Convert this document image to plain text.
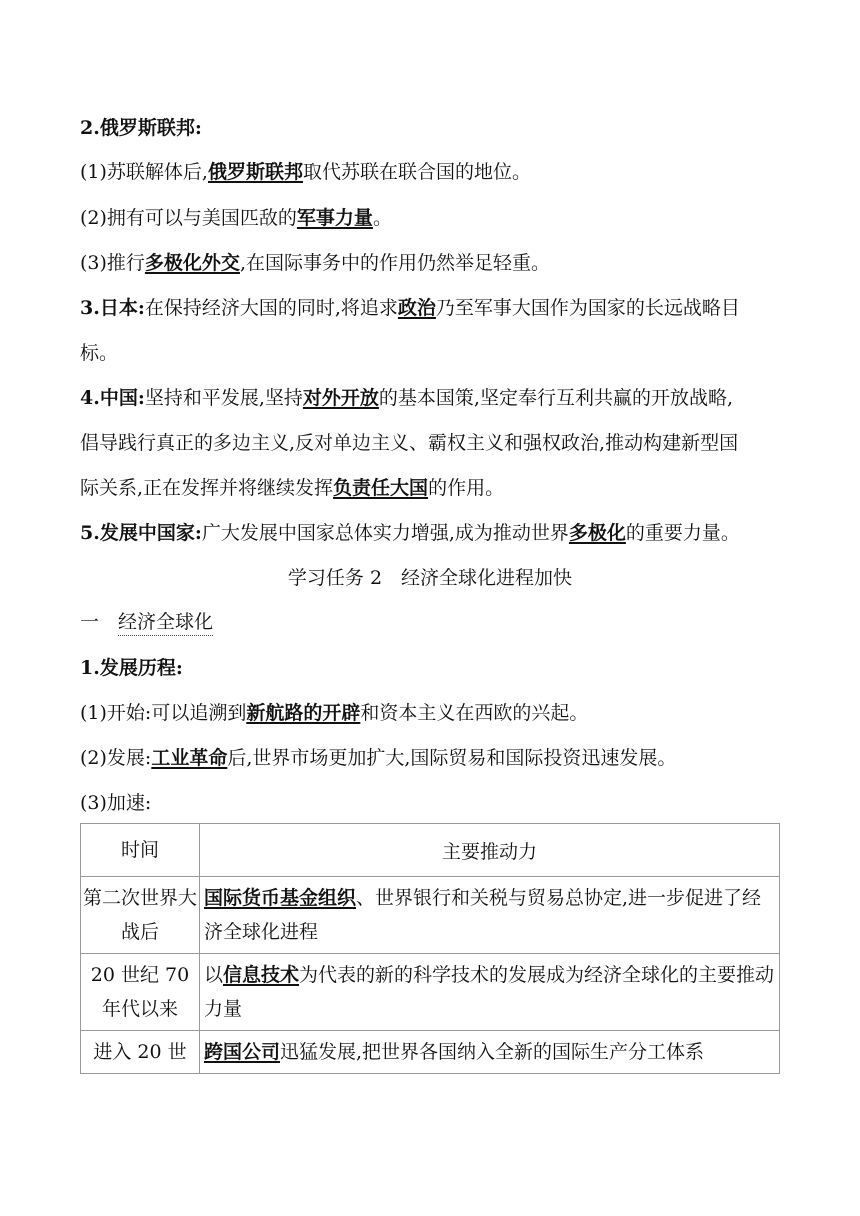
2.俄罗斯联邦:
(1)苏联解体后,俄罗斯联邦取代苏联在联合国的地位。
(2)拥有可以与美国匹敌的军事力量。
(3)推行多极化外交,在国际事务中的作用仍然举足轻重。
3.日本:在保持经济大国的同时,将追求政治乃至军事大国作为国家的长远战略目
标。
4.中国:坚持和平发展,坚持对外开放的基本国策,坚定奉行互利共赢的开放战略,
倡导践行真正的多边主义,反对单边主义、霸权主义和强权政治,推动构建新型国
际关系,正在发挥并将继续发挥负责任大国的作用。
5.发展中国家:广大发展中国家总体实力增强,成为推动世界多极化的重要力量。
学习任务 2　经济全球化进程加快
一 经济全球化
1.发展历程:
(1)开始:可以追溯到新航路的开辟和资本主义在西欧的兴起。
(2)发展:工业革命后,世界市场更加扩大,国际贸易和国际投资迅速发展。
(3)加速:
时间	主要推动力
第二次世界大战后	国际货币基金组织、世界银行和关税与贸易总协定,进一步促进了经济全球化进程
20 世纪 70 年代以来	以信息技术为代表的新的科学技术的发展成为经济全球化的主要推动力量
进入 20 世	跨国公司迅猛发展,把世界各国纳入全新的国际生产分工体系
